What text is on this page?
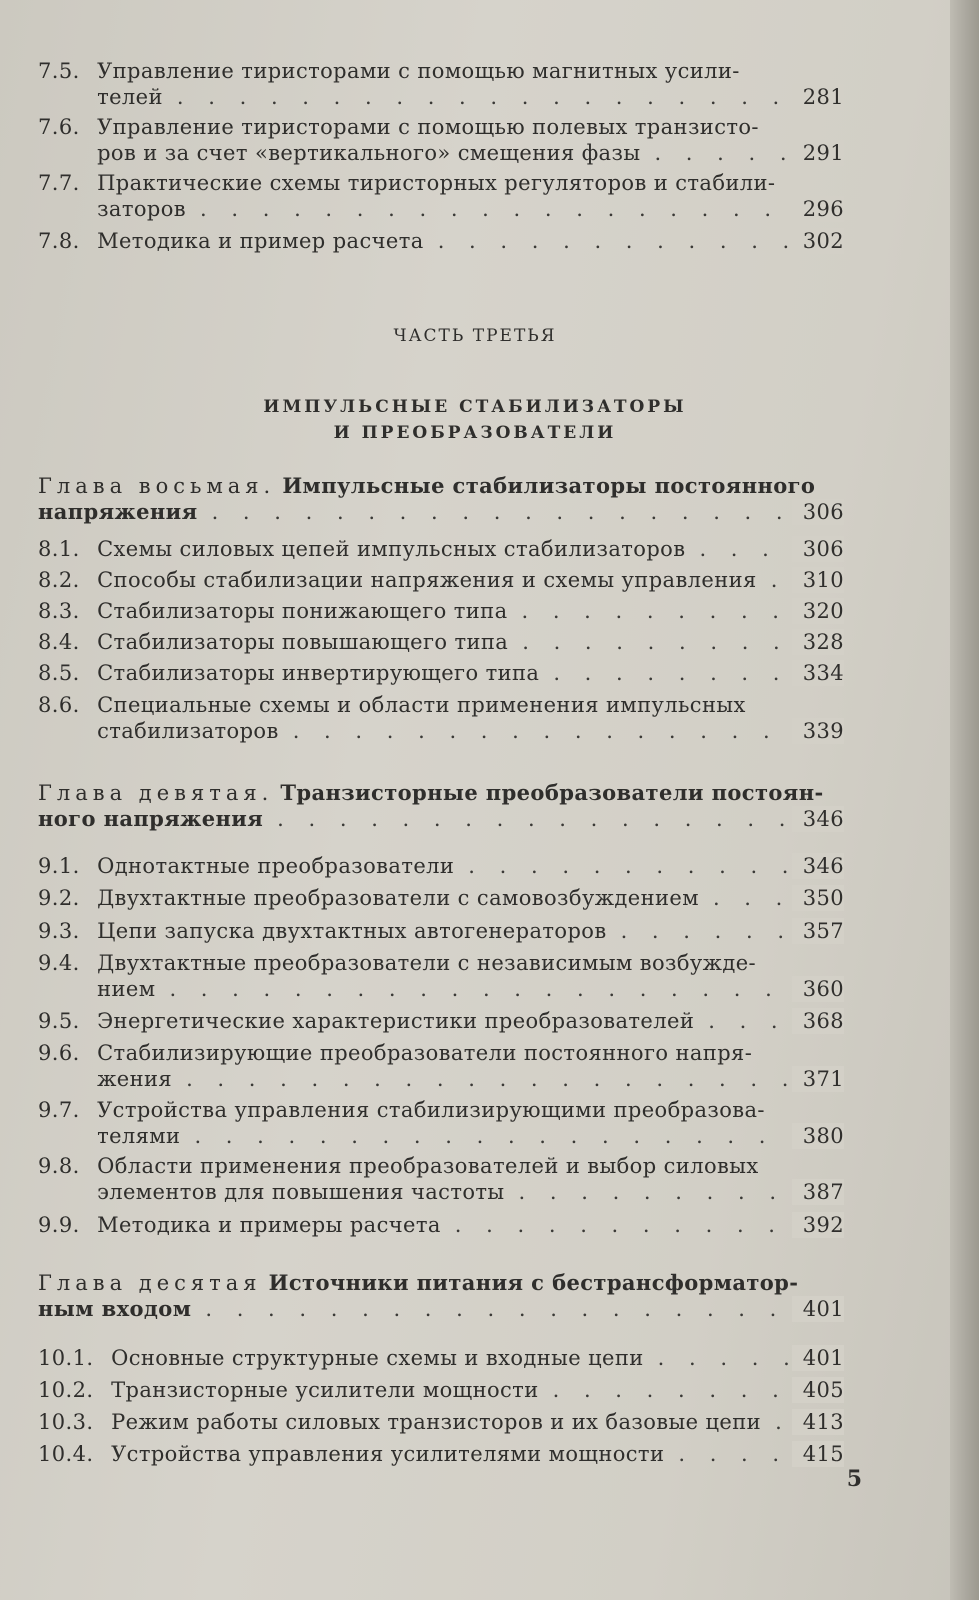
7.5. Управление тиристорами с помощью магнитных усили-
телей	281
. . .
7.6. Управление тиристорами с помощью полевых транзисто-
ров и за счет «вертикального» смещения фазы	291
. . .
7.7. Практические схемы тиристорных регуляторов и стабили-
заторов	296
. . .
7.8. Методика и пример расчета	302
. . .
ЧАСТЬ ТРЕТЬЯ
ИМПУЛЬСНЫЕ СТАБИЛИЗАТОРЫ
И ПРЕОБРАЗОВАТЕЛИ
Глава восьмая. Импульсные стабилизаторы постоянного
напряжения	306
. . .
8.1. Схемы силовых цепей импульсных стабилизаторов	306
. . .
8.2. Способы стабилизации напряжения и схемы управления	310
. . .
8.3. Стабилизаторы понижающего типа	320
. . .
8.4. Стабилизаторы повышающего типа	328
. . .
8.5. Стабилизаторы инвертирующего типа	334
. . .
8.6. Специальные схемы и области применения импульсных
стабилизаторов	339
. . .
Глава девятая. Транзисторные преобразователи постоян-
ного напряжения	346
. . .
9.1. Однотактные преобразователи	346
. . .
9.2. Двухтактные преобразователи с самовозбуждением	350
. . .
9.3. Цепи запуска двухтактных автогенераторов	357
. . .
9.4. Двухтактные преобразователи с независимым возбужде-
нием	360
. . .
9.5. Энергетические характеристики преобразователей	368
. . .
9.6. Стабилизирующие преобразователи постоянного напря-
жения	371
. . .
9.7. Устройства управления стабилизирующими преобразова-
телями	380
. . .
9.8. Области применения преобразователей и выбор силовых
элементов для повышения частоты	387
. . .
9.9. Методика и примеры расчета	392
. . .
Глава десятая Источники питания с бестрансформатор-
ным входом	401
. . .
10.1. Основные структурные схемы и входные цепи	401
. . .
10.2. Транзисторные усилители мощности	405
. . .
10.3. Режим работы силовых транзисторов и их базовые цепи	413
. . .
10.4. Устройства управления усилителями мощности	415
. . .
5
